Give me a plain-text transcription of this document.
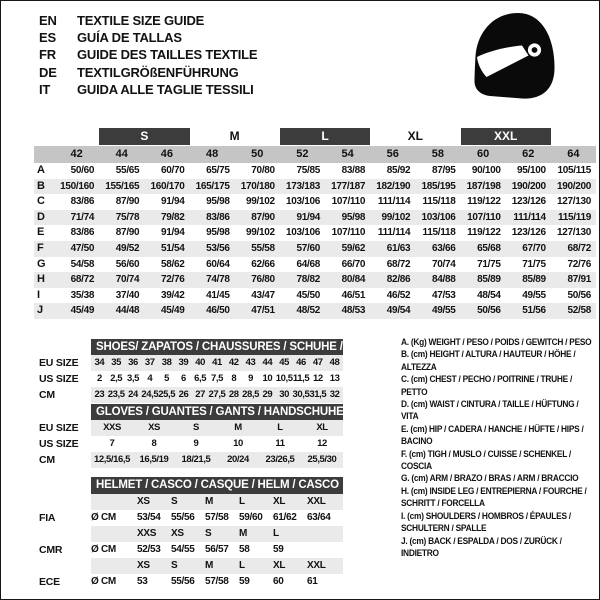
EN	TEXTILE SIZE GUIDE
ES	GUÍA DE TALLAS
FR	GUIDE DES TAILLES TEXTILE
DE	TEXTILGRÖßENFÜHRUNG
IT	GUIDA ALLE TAGLIE TESSILI
S	M	L	XL	XXL
42	44	46	48	50	52	54	56	58	60	62	64
A	50/60	55/65	60/70	65/75	70/80	75/85	83/88	85/92	87/95	90/100	95/100	105/115
B	150/160	155/165	160/170	165/175	170/180	173/183	177/187	182/190	185/195	187/198	190/200	190/200
C	83/86	87/90	91/94	95/98	99/102	103/106	107/110	111/114	115/118	119/122	123/126	127/130
D	71/74	75/78	79/82	83/86	87/90	91/94	95/98	99/102	103/106	107/110	111/114	115/119
E	83/86	87/90	91/94	95/98	99/102	103/106	107/110	111/114	115/118	119/122	123/126	127/130
F	47/50	49/52	51/54	53/56	55/58	57/60	59/62	61/63	63/66	65/68	67/70	68/72
G	54/58	56/60	58/62	60/64	62/66	64/68	66/70	68/72	70/74	71/75	71/75	72/76
H	68/72	70/74	72/76	74/78	76/80	78/82	80/84	82/86	84/88	85/89	85/89	87/91
I	35/38	37/40	39/42	41/45	43/47	45/50	46/51	46/52	47/53	48/54	49/55	50/56
J	45/49	44/48	45/49	46/50	47/51	48/52	48/53	49/54	49/55	50/56	51/56	52/58
SHOES/ ZAPATOS / CHAUSSURES / SCHUHE / SCARPE
EU SIZE	34 35 36 37 38 39 40 41 42 43 44 45 46 47 48
US SIZE	2 2,5 3,5 4	5	6 6,5 7,5 8	9 10 10,5 11,5 12 13
CM	23 23,5 24 24,5 25,5 26 27 27,5 28 28,5 29 30 30,5 31,5 32
GLOVES / GUANTES / GANTS / HANDSCHUHE / GUANTI
EU SIZE	XXS	XS	S	M	L	XL
US SIZE	7	8	9	10	11	12
CM	12,5/16,5	16,5/19	18/21,5	20/24	23/26,5	25,5/30
HELMET / CASCO / CASQUE / HELM / CASCO
XS	S	M	L	XL	XXL
FIA	Ø CM	53/54	55/56	57/58	59/60	61/62	63/64
XXS	XS	S	M	L
CMR	Ø CM	52/53	54/55	56/57	58	59
XS	S	M	L	XL	XXL
ECE	Ø CM	53	55/56	57/58	59	60	61
A. (Kg) WEIGHT / PESO / POIDS / GEWITCH / PESO
B. (cm) HEIGHT / ALTURA / HAUTEUR / HÖHE / ALTEZZA
C. (cm) CHEST / PECHO / POITRINE / TRUHE / PETTO
D. (cm) WAIST / CINTURA / TAILLE / HÜFTUNG / VITA
E. (cm) HIP / CADERA / HANCHE / HÜFTE / HIPS / BACINO
F. (cm) TIGH / MUSLO / CUISSE / SCHENKEL / COSCIA
G. (cm) ARM / BRAZO / BRAS / ARM / BRACCIO
H. (cm) INSIDE LEG / ENTREPIERNA / FOURCHE / SCHRITT / FORCELLA
I. (cm) SHOULDERS / HOMBROS / ÉPAULES / SCHULTERN / SPALLE
J. (cm) BACK / ESPALDA / DOS / ZURÜCK / INDIETRO
